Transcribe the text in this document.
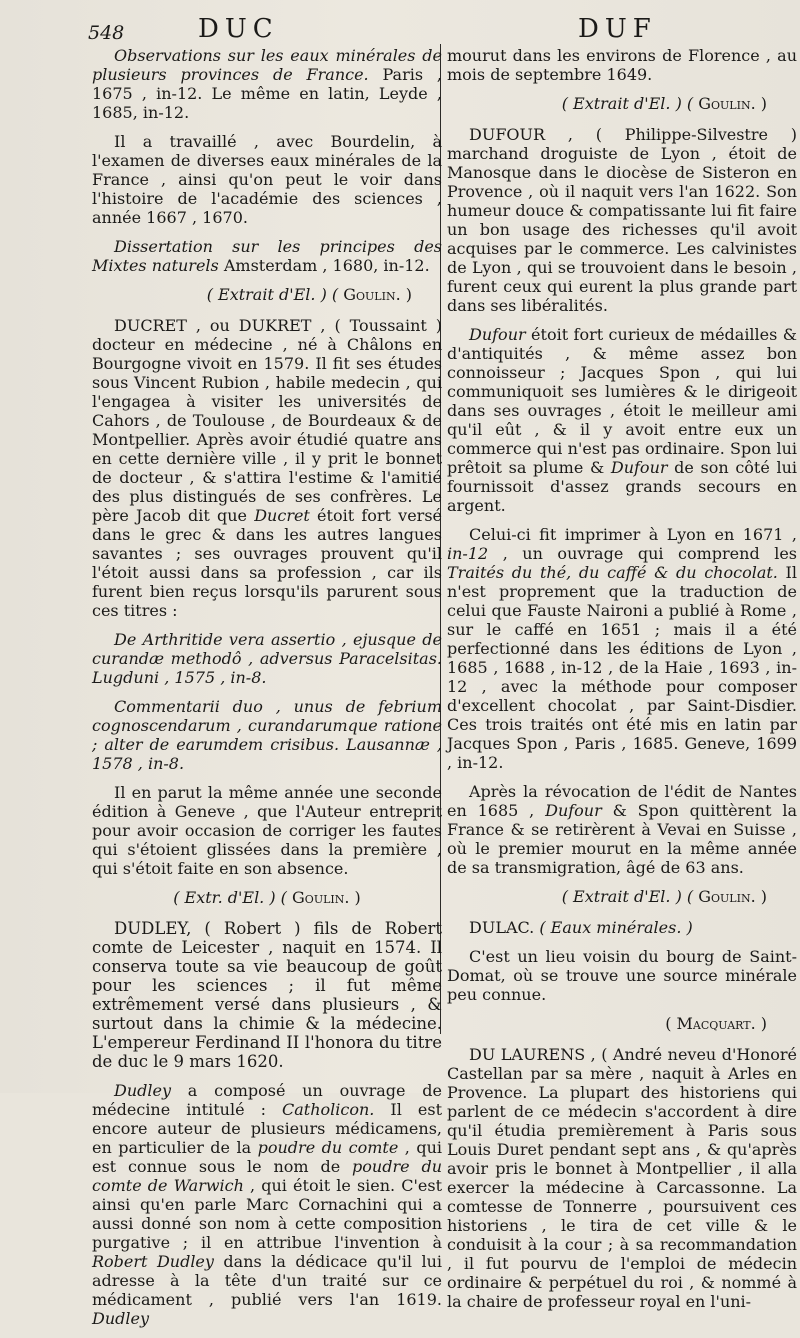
548	DUC	DUF

Observations sur les eaux minérales de plusieurs provinces de France. Paris , 1675 , in-12. Le même en latin, Leyde , 1685, in-12.

Il a travaillé , avec Bourdelin, à l'examen de diverses eaux minérales de la France , ainsi qu'on peut le voir dans l'histoire de l'académie des sciences , année 1667 , 1670.

Dissertation sur les principes des Mixtes naturels Amsterdam , 1680, in-12.

( Extrait d'El. ) ( Goulin. )

DUCRET , ou DUKRET , ( Toussaint ) docteur en médecine , né à Châlons en Bourgogne vivoit en 1579. Il fit ses études sous Vincent Rubion , habile medecin , qui l'engagea à visiter les universités de Cahors , de Toulouse , de Bourdeaux & de Montpellier. Après avoir étudié quatre ans en cette dernière ville , il y prit le bonnet de docteur , & s'attira l'estime & l'amitié des plus distingués de ses confrères. Le père Jacob dit que Ducret étoit fort versé dans le grec & dans les autres langues savantes ; ses ouvrages prouvent qu'il l'étoit aussi dans sa profession , car ils furent bien reçus lorsqu'ils parurent sous ces titres :

De Arthritide vera assertio , ejusque de curandæ methodô , adversus Paracelsitas. Lugduni , 1575 , in-8.

Commentarii duo , unus de febrium cognoscendarum , curandarumque ratione ; alter de earumdem crisibus. Lausannæ , 1578 , in-8.

Il en parut la même année une seconde édition à Geneve , que l'Auteur entreprit pour avoir occasion de corriger les fautes qui s'étoient glissées dans la première , qui s'étoit faite en son absence.

( Extr. d'El. ) ( Goulin. )

DUDLEY, ( Robert ) fils de Robert comte de Leicester , naquit en 1574. Il conserva toute sa vie beaucoup de goût pour les sciences ; il fut même extrêmement versé dans plusieurs , & surtout dans la chimie & la médecine. L'empereur Ferdinand II l'honora du titre de duc le 9 mars 1620.

Dudley a composé un ouvrage de médecine intitulé : Catholicon. Il est encore auteur de plusieurs médicamens, en particulier de la poudre du comte , qui est connue sous le nom de poudre du comte de Warwich , qui étoit le sien. C'est ainsi qu'en parle Marc Cornachini qui a aussi donné son nom à cette composition purgative ; il en attribue l'invention à Robert Dudley dans la dédicace qu'il lui adresse à la tête d'un traité sur ce médicament , publié vers l'an 1619. Dudley

mourut dans les environs de Florence , au mois de septembre 1649.

( Extrait d'El. ) ( Goulin. )

DUFOUR , ( Philippe-Silvestre ) marchand droguiste de Lyon , étoit de Manosque dans le diocèse de Sisteron en Provence , où il naquit vers l'an 1622. Son humeur douce & compatissante lui fit faire un bon usage des richesses qu'il avoit acquises par le commerce. Les calvinistes de Lyon , qui se trouvoient dans le besoin , furent ceux qui eurent la plus grande part dans ses libéralités.

Dufour étoit fort curieux de médailles & d'antiquités , & même assez bon connoisseur ; Jacques Spon , qui lui communiquoit ses lumières & le dirigeoit dans ses ouvrages , étoit le meilleur ami qu'il eût , & il y avoit entre eux un commerce qui n'est pas ordinaire. Spon lui prêtoit sa plume & Dufour de son côté lui fournissoit d'assez grands secours en argent.

Celui-ci fit imprimer à Lyon en 1671 , in-12 , un ouvrage qui comprend les Traités du thé, du caffé & du chocolat. Il n'est proprement que la traduction de celui que Fauste Naironi a publié à Rome , sur le caffé en 1651 ; mais il a été perfectionné dans les éditions de Lyon , 1685 , 1688 , in-12 , de la Haie , 1693 , in-12 , avec la méthode pour composer d'excellent chocolat , par Saint-Disdier. Ces trois traités ont été mis en latin par Jacques Spon , Paris , 1685. Geneve, 1699 , in-12.

Après la révocation de l'édit de Nantes en 1685 , Dufour & Spon quittèrent la France & se retirèrent à Vevai en Suisse , où le premier mourut en la même année de sa transmigration, âgé de 63 ans.

( Extrait d'El. ) ( Goulin. )

DULAC. ( Eaux minérales. )

C'est un lieu voisin du bourg de Saint-Domat, où se trouve une source minérale peu connue.

( Macquart. )

DU LAURENS , ( André neveu d'Honoré Castellan par sa mère , naquit à Arles en Provence. La plupart des historiens qui parlent de ce médecin s'accordent à dire qu'il étudia premièrement à Paris sous Louis Duret pendant sept ans , & qu'après avoir pris le bonnet à Montpellier , il alla exercer la médecine à Carcassonne. La comtesse de Tonnerre , poursuivent ces historiens , le tira de cet ville & le conduisit à la cour ; à sa recommandation , il fut pourvu de l'emploi de médecin ordinaire & perpétuel du roi , & nommé à la chaire de professeur royal en l'uni-
